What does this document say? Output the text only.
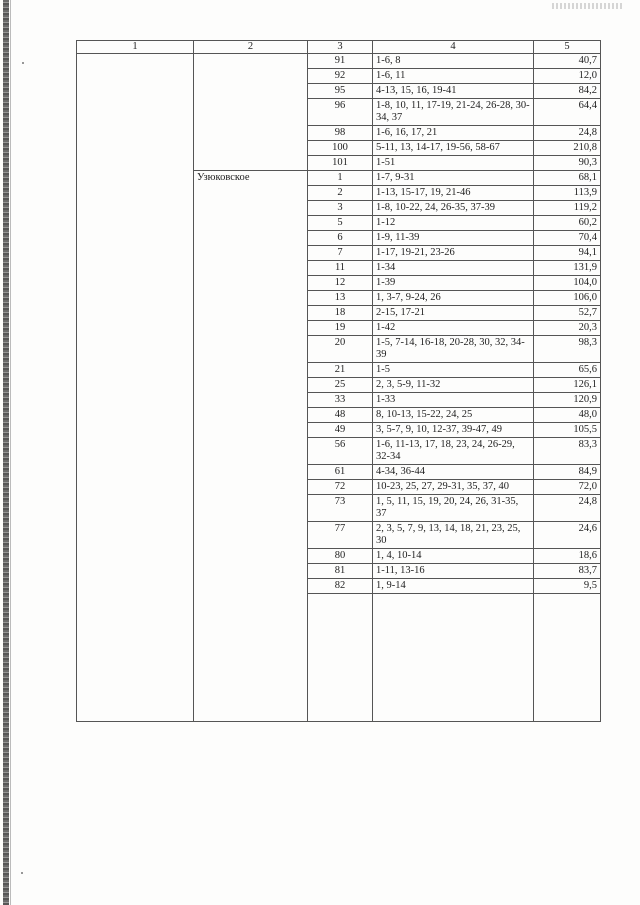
1	2	3	4	5
		91	1-6, 8	40,7
		92	1-6, 11	12,0
		95	4-13, 15, 16, 19-41	84,2
		96	1-8, 10, 11, 17-19, 21-24, 26-28, 30-34, 37	64,4
		98	1-6, 16, 17, 21	24,8
		100	5-11, 13, 14-17, 19-56, 58-67	210,8
		101	1-51	90,3
	Узюковское	1	1-7, 9-31	68,1
		2	1-13, 15-17, 19, 21-46	113,9
		3	1-8, 10-22, 24, 26-35, 37-39	119,2
		5	1-12	60,2
		6	1-9, 11-39	70,4
		7	1-17, 19-21, 23-26	94,1
		11	1-34	131,9
		12	1-39	104,0
		13	1, 3-7, 9-24, 26	106,0
		18	2-15, 17-21	52,7
		19	1-42	20,3
		20	1-5, 7-14, 16-18, 20-28, 30, 32, 34-39	98,3
		21	1-5	65,6
		25	2, 3, 5-9, 11-32	126,1
		33	1-33	120,9
		48	8, 10-13, 15-22, 24, 25	48,0
		49	3, 5-7, 9, 10, 12-37, 39-47, 49	105,5
		56	1-6, 11-13, 17, 18, 23, 24, 26-29, 32-34	83,3
		61	4-34, 36-44	84,9
		72	10-23, 25, 27, 29-31, 35, 37, 40	72,0
		73	1, 5, 11, 15, 19, 20, 24, 26, 31-35, 37	24,8
		77	2, 3, 5, 7, 9, 13, 14, 18, 21, 23, 25, 30	24,6
		80	1, 4, 10-14	18,6
		81	1-11, 13-16	83,7
		82	1, 9-14	9,5
